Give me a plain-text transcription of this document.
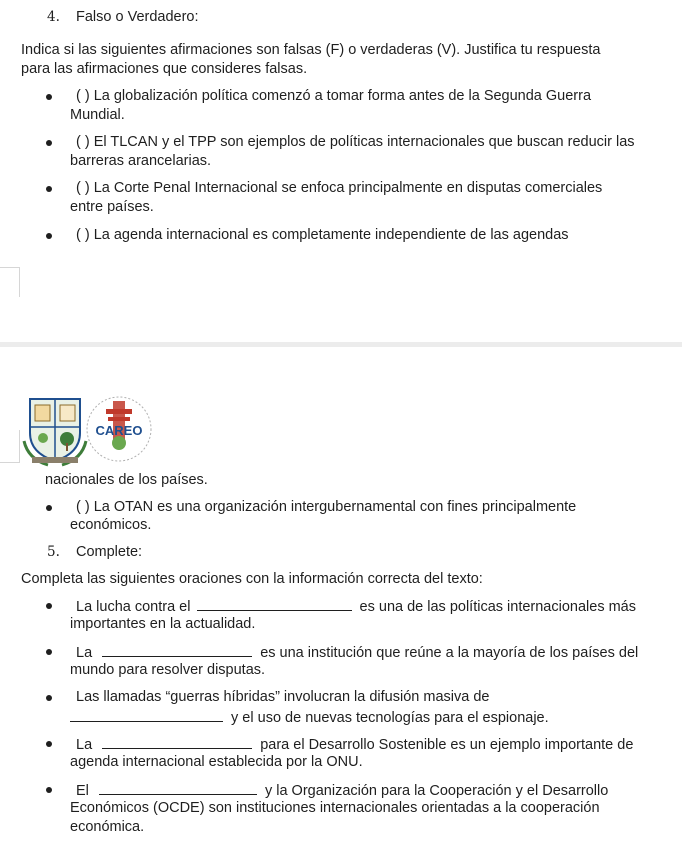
4. Falso o Verdadero:
Indica si las siguientes afirmaciones son falsas (F) o verdaderas (V). Justifica tu respuesta
para las afirmaciones que consideres falsas.
( ) La globalización política comenzó a tomar forma antes de la Segunda Guerra
Mundial.
( ) El TLCAN y el TPP son ejemplos de políticas internacionales que buscan reducir las
barreras arancelarias.
( ) La Corte Penal Internacional se enfoca principalmente en disputas comerciales
entre países.
( ) La agenda internacional es completamente independiente de las agendas
CAREO
nacionales de los países.
( ) La OTAN es una organización intergubernamental con fines principalmente
económicos.
5. Complete:
Completa las siguientes oraciones con la información correcta del texto:
La lucha contra el	es una de las políticas internacionales más
importantes en la actualidad.
La	es una institución que reúne a la mayoría de los países del
mundo para resolver disputas.
Las llamadas “guerras híbridas” involucran la difusión masiva de
y el uso de nuevas tecnologías para el espionaje.
La	para el Desarrollo Sostenible es un ejemplo importante de
agenda internacional establecida por la ONU.
El	y la Organización para la Cooperación y el Desarrollo
Económicos (OCDE) son instituciones internacionales orientadas a la cooperación
económica.
